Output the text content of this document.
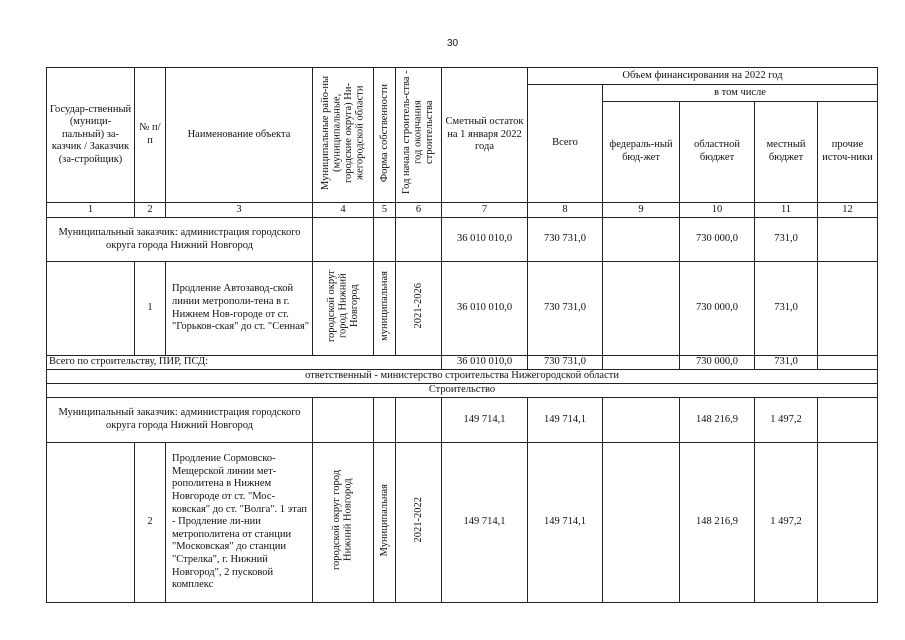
30
Государ-ственный (муници-пальный) за-казчик / Заказчик (за-стройщик)	№ п/п	Наименование объекта	Муниципальные райо-ны (муниципальные, городские округа) Ни-жегородской области	Форма собственности	Год начала строитель-ства - год окончания строительства	Сметный остаток на 1 января 2022 года	Объем финансирования на 2022 год				
							Всего	в том числе			
								федераль-ный бюд-жет	областной бюджет	местный бюджет	прочие источ-ники
1	2	3	4	5	6	7	8	9	10	11	12
Муниципальный заказчик: администрация городского округа города Нижний Новгород						36 010 010,0	730 731,0		730 000,0	731,0	
	1	Продление Автозавод-ской линии метрополи-тена в г. Нижнем Нов-городе от ст. "Горьков-ская" до ст. "Сенная"	городской округ город Нижний Новгород	муниципальная	2021-2026	36 010 010,0	730 731,0		730 000,0	731,0	
Всего по строительству, ПИР, ПСД:						36 010 010,0	730 731,0		730 000,0	731,0	
ответственный - министерство строительства Нижегородской области											
Строительство											
Муниципальный заказчик: администрация городского округа города Нижний Новгород						149 714,1	149 714,1		148 216,9	1 497,2	
	2	Продление Сормовско-Мещерской линии мет-рополитена в Нижнем Новгороде от ст. "Мос-ковская" до ст. "Волга". 1 этап - Продление ли-нии метрополитена от станции "Московская" до станции "Стрелка", г. Нижний Новгород", 2 пусковой комплекс	городской округ город Нижний Новгород	Муниципальная	2021-2022	149 714,1	149 714,1		148 216,9	1 497,2	
